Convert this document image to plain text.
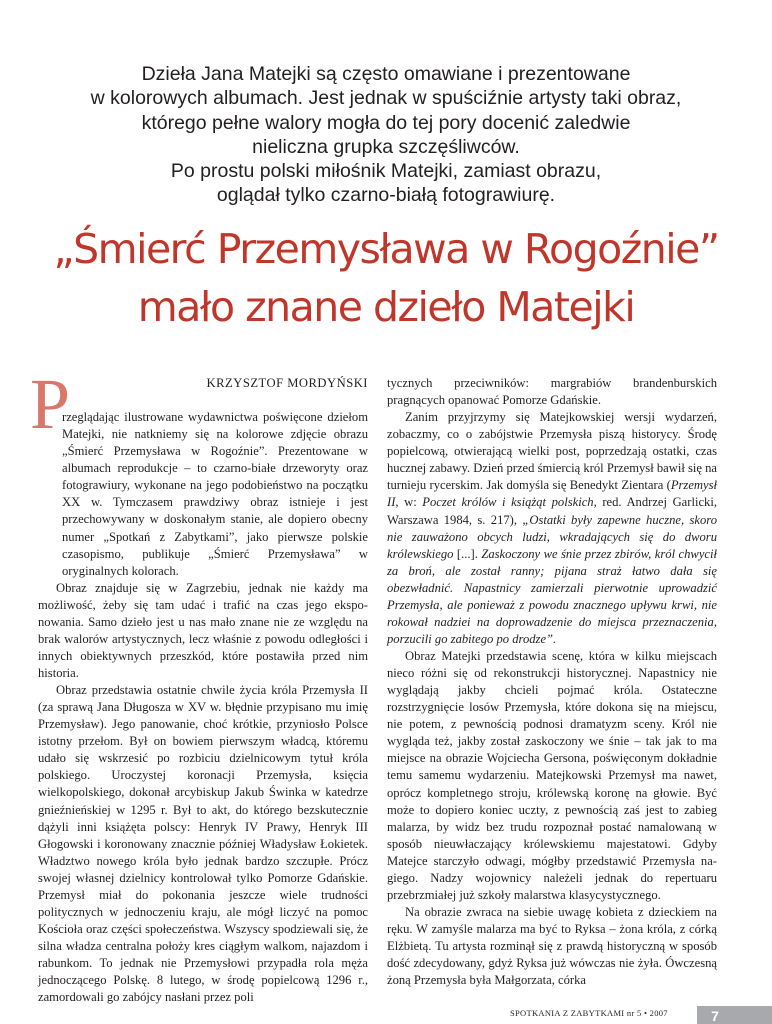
Dzieła Jana Matejki są często omawiane i prezentowane
w kolorowych albumach. Jest jednak w spuściźnie artysty taki obraz,
którego pełne walory mogła do tej pory docenić zaledwie
nieliczna grupka szczęśliwców.
Po prostu polski miłośnik Matejki, zamiast obrazu,
oglądał tylko czarno-białą fotograwiurę.
„Śmierć Przemysława w Rogoźnie”
mało znane dzieło Matejki
P	KRZYSZTOF MORDYŃSKI

rzeglądając ilustrowane wydawnictwa poświęcone dziełom Matejki, nie natkniemy się na kolorowe zdjęcie obrazu „Śmierć Przemysława w Rogoźnie”. Prezentowane w albumach reprodukcje – to czarno-białe drzeworyty oraz fotograwiury, wykonane na jego podobieństwo na początku XX w. Tymczasem prawdziwy obraz istnieje i jest przechowywany w doskonałym stanie, ale dopiero obecny numer „Spotkań z Zabytkami”, jako pierwsze polskie czasopismo, publikuje „Śmierć Przemysława” w oryginalnych kolorach.

Obraz znajduje się w Zagrzebiu, jednak nie każdy ma możliwość, żeby się tam udać i trafić na czas jego eksponowania. Samo dzieło jest u nas mało znane nie ze względu na brak walorów artystycznych, lecz właśnie z powodu odległości i innych obiektywnych przeszkód, które postawiła przed nim historia.

Obraz przedstawia ostatnie chwile życia króla Przemysła II (za sprawą Jana Długosza w XV w. błędnie przypisano mu imię Przemysław). Jego panowanie, choć krótkie, przyniosło Polsce istotny przełom. Był on bowiem pierwszym władcą, któremu udało się wskrzesić po rozbiciu dzielnicowym tytuł króla polskiego. Uroczystej koronacji Przemysła, księcia wielkopolskiego, dokonał arcybiskup Jakub Świnka w katedrze gnieźnieńskiej w 1295 r. Był to akt, do którego bezskutecznie dążyli inni książęta polscy: Henryk IV Prawy, Henryk III Głogowski i koronowany znacznie później Władysław Łokietek. Władztwo nowego króla było jednak bardzo szczupłe. Prócz swojej własnej dzielnicy kontrolował tylko Pomorze Gdańskie. Przemysł miał do pokonania jeszcze wiele trudności politycznych w jednoczeniu kraju, ale mógł liczyć na pomoc Kościoła oraz części społeczeństwa. Wszyscy spodziewali się, że silna władza centralna położy kres ciągłym walkom, najazdom i rabunkom. To jednak nie Przemysłowi przypadła rola męża jednoczącego Polskę. 8 lutego, w środę popielcową 1296 r., zamordowali go zabójcy nasłani przez poli

tycznych przeciwników: margrabiów brandenburskich pragnących opanować Pomorze Gdańskie.

Zanim przyjrzymy się Matejkowskiej wersji wydarzeń, zobaczmy, co o zabójstwie Przemysła piszą historycy. Środę popielcową, otwierającą wielki post, poprzedzają ostatki, czas hucznej zabawy. Dzień przed śmiercią król Przemysł bawił się na turnieju rycerskim. Jak domyśla się Benedykt Zientara (Przemysł II, w: Poczet królów i książąt polskich, red. Andrzej Garlicki, Warszawa 1984, s. 217), „Ostatki były zapewne huczne, skoro nie zauważono obcych ludzi, wkradających się do dworu królewskiego [...]. Zaskoczony we śnie przez zbirów, król chwycił za broń, ale został ranny; pijana straż łatwo dała się obezwładnić. Napastnicy zamierzali pierwotnie uprowadzić Przemysła, ale ponieważ z powodu znacznego upływu krwi, nie rokował nadziei na doprowadzenie do miejsca przeznaczenia, porzucili go zabitego po drodze”.

Obraz Matejki przedstawia scenę, która w kilku miejscach nieco różni się od rekonstrukcji historycznej. Napastnicy nie wyglądają jakby chcieli pojmać króla. Ostateczne rozstrzygnięcie losów Przemysła, które dokona się na miejscu, nie potem, z pewnością podnosi dramatyzm sceny. Król nie wygląda też, jakby został zaskoczony we śnie – tak jak to ma miejsce na obrazie Wojciecha Gersona, poświęconym dokładnie temu samemu wydarzeniu. Matejkowski Przemysł ma nawet, oprócz kompletnego stroju, królewską koronę na głowie. Być może to dopiero koniec uczty, z pewnością zaś jest to zabieg malarza, by widz bez trudu rozpoznał postać namalowaną w sposób nieuwłaczający królewskiemu majestatowi. Gdyby Matejce starczyło odwagi, mógłby przedstawić Przemysła nagiego. Nadzy wojownicy należeli jednak do repertuaru przebrzmiałej już szkoły malarstwa klasycystycznego.

Na obrazie zwraca na siebie uwagę kobieta z dzieckiem na ręku. W zamyśle malarza ma być to Ryksa – żona króla, z córką Elżbietą. Tu artysta rozminął się z prawdą historyczną w sposób dość zdecydowany, gdyż Ryksa już wówczas nie żyła. Ówczesną żoną Przemysła była Małgorzata, córka

SPOTKANIA Z ZABYTKAMI nr 5 • 2007	7
